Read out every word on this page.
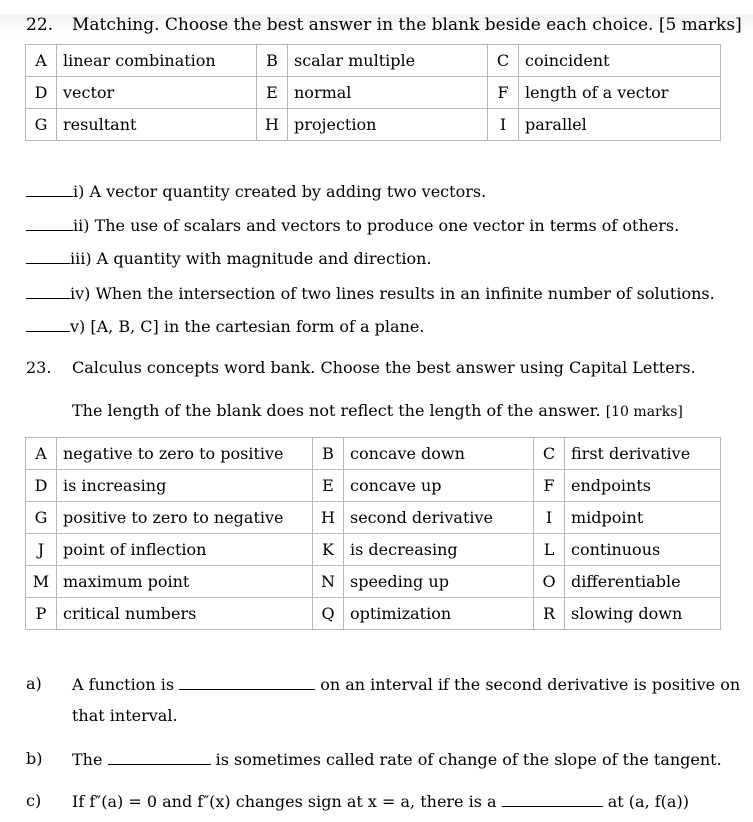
22. Matching. Choose the best answer in the blank beside each choice. [5 marks]
A	linear combination	B	scalar multiple	C	coincident
D	vector	E	normal	F	length of a vector
G	resultant	H	projection	I	parallel
i) A vector quantity created by adding two vectors.
ii) The use of scalars and vectors to produce one vector in terms of others.
iii) A quantity with magnitude and direction.
iv) When the intersection of two lines results in an infinite number of solutions.
v) [A, B, C] in the cartesian form of a plane.
23. Calculus concepts word bank. Choose the best answer using Capital Letters.
The length of the blank does not reflect the length of the answer. [10 marks]
A	negative to zero to positive	B	concave down	C	first derivative
D	is increasing	E	concave up	F	endpoints
G	positive to zero to negative	H	second derivative	I	midpoint
J	point of inflection	K	is decreasing	L	continuous
M	maximum point	N	speeding up	O	differentiable
P	critical numbers	Q	optimization	R	slowing down
a) A function is	on an interval if the second derivative is positive on
that interval.
b) The	is sometimes called rate of change of the slope of the tangent.
c) If f″(a) = 0 and f″(x) changes sign at x = a, there is a	at (a, f(a))
